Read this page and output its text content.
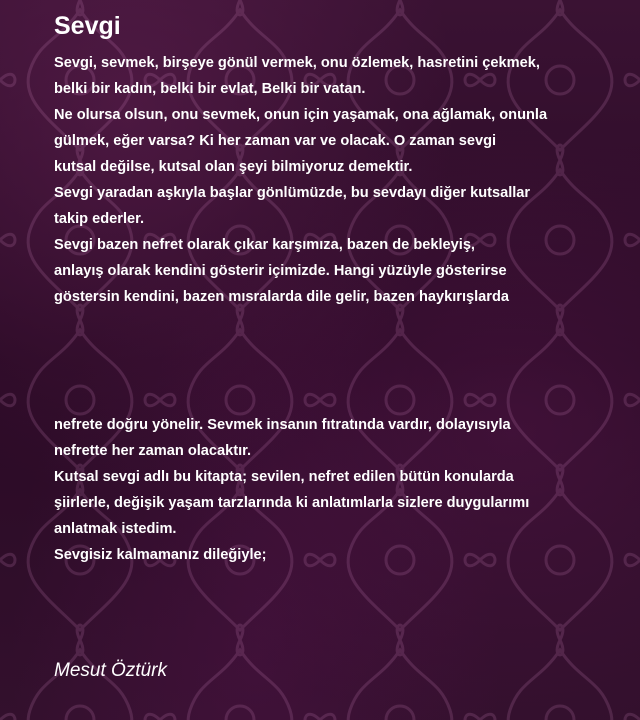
Sevgi
Sevgi, sevmek, birşeye gönül vermek, onu özlemek, hasretini çekmek,
belki bir kadın, belki bir evlat, Belki bir vatan.
Ne olursa olsun, onu sevmek, onun için yaşamak, ona ağlamak, onunla
gülmek, eğer varsa? Ki her zaman var ve olacak. O zaman sevgi
kutsal değilse, kutsal olan şeyi bilmiyoruz demektir.
Sevgi yaradan aşkıyla başlar gönlümüzde, bu sevdayı diğer kutsallar
takip ederler.
Sevgi bazen nefret olarak çıkar karşımıza, bazen de bekleyiş,
anlayış olarak kendini gösterir içimizde. Hangi yüzüyle gösterirse
göstersin kendini, bazen mısralarda dile gelir, bazen haykırışlarda
nefrete doğru yönelir. Sevmek insanın fıtratında vardır, dolayısıyla
nefrette her zaman olacaktır.
Kutsal sevgi adlı bu kitapta; sevilen, nefret edilen bütün konularda
şiirlerle, değişik yaşam tarzlarında ki anlatımlarla sizlere duygularımı
anlatmak istedim.
Sevgisiz kalmamanız dileğiyle;
Mesut Öztürk
